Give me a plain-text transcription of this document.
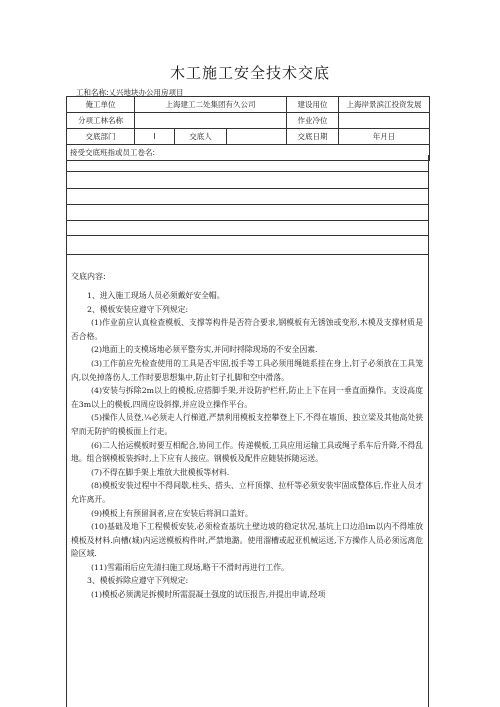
木工施工安全技术交底
工和名称:乂兴地块办公用房项目
俺工单位	上海建工二处集团有久公司			建设用位	上海岸景滨江投资发展
分项工林名称				作业冷位	
交底部门	I	交底人		交底日期	年月日
接受交底班指或员工卷名:					
交底内容:

1、进入施工现场人员必须戴好安全帽。

2、模板安装应遵守下列规定:

(1)作业前应认真检查模板、支撑等构件是否符合要求,钢模板有无锈蚀或变形,木模及支撑材质是否合格。

(2)地面上的支模场地必须平整夯实,并同时捋除现场的不安全因素.

(3)工作前应先检查使用的工具是否牢固,扳手等工具必须用绳链系挂在身上,钉子必须放在工具笼内,以免掉落伤人,工作时要思想集中,防止钉子扎脚和空中滑落。

(4)安装与拆除2m以上的模板,应搭脚手架,并设防护栏杆,防止上下在同一垂直面操作。支设高度在3m以上的模板,四周应设斜撑,并应设立操作平台。

(5)操作人员登,¼必须走人行梯道,严禁利用模板支控攀登上下,不得在墙顶、独立梁及其他高处狭窄而无防护的模板面上行走。

(6)二人抬运模板时要互相配合,协同工作。传递模板,工具应用运输工具或绳子系车后升降,不得乱地。组合钢模板装拆时,上下应有人接应。钢模板及配件应随装拆随运送。

(7)不得在脚手架上堆放大批模板等材料.

(8)模板安装过程中不得间歇,柱头、搭头、立杆顶撑、拉杆等必须安装牢固成整体后,作业人员才允许离开。

(9)模板上有预留洞者,应在安装后将洞口盖好。

(10)基础及地下工程模板安装,必须检查基坑土壁边坡的稳定状况,基坑上口边沿lm以内不得堆放模板及材料.向槽(城)内运送模板构件时,严禁地潞。使用溜槽或起亚机械运送,下方操作人员必须远离危险区域.

(11)雪霜雨后应先清扫施工现场,略干不滑时再进行工作。

3、模板拆除应遵守下列规定:

(1)模板必须满足拆模时所需混凝土强度的试压报告,并提出申请,经项
